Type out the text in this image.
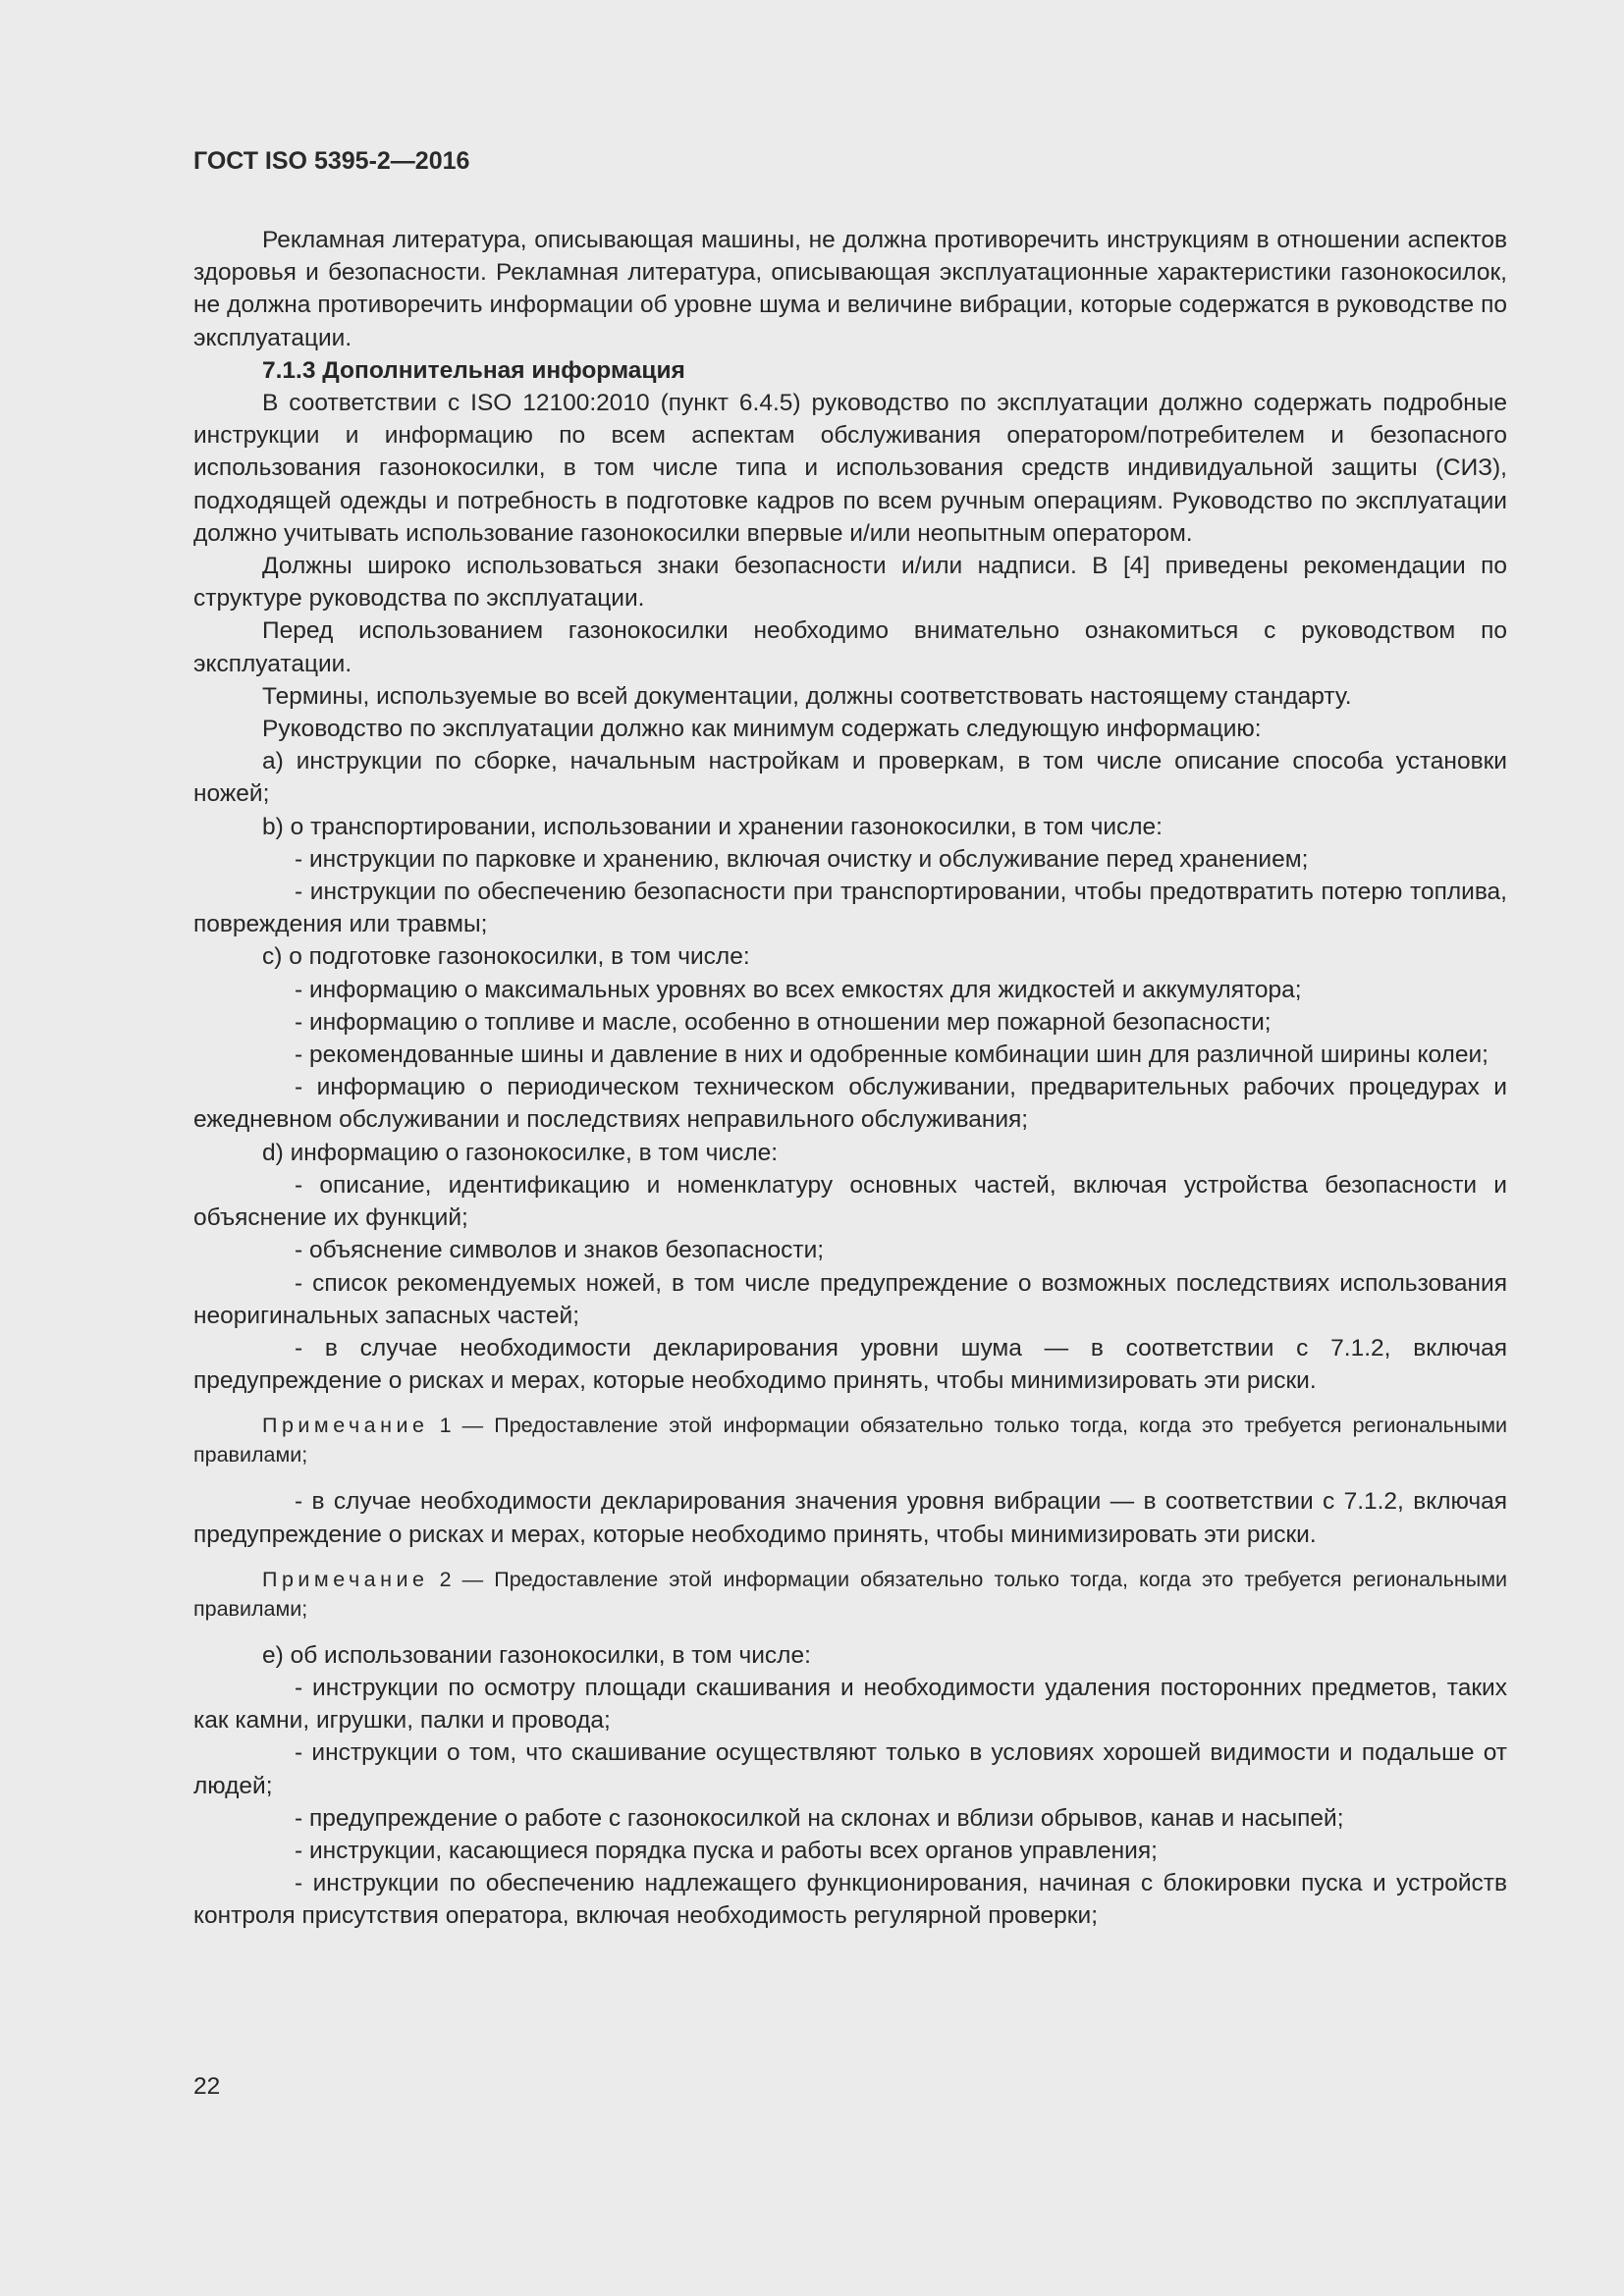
ГОСТ ISO 5395-2—2016

Рекламная литература, описывающая машины, не должна противоречить инструкциям в отношении аспектов здоровья и безопасности. Рекламная литература, описывающая эксплуатационные характеристики газонокосилок, не должна противоречить информации об уровне шума и величине вибрации, которые содержатся в руководстве по эксплуатации.

7.1.3 Дополнительная информация

В соответствии с ISO 12100:2010 (пункт 6.4.5) руководство по эксплуатации должно содержать подробные инструкции и информацию по всем аспектам обслуживания оператором/потребителем и безопасного использования газонокосилки, в том числе типа и использования средств индивидуальной защиты (СИЗ), подходящей одежды и потребность в подготовке кадров по всем ручным операциям. Руководство по эксплуатации должно учитывать использование газонокосилки впервые и/или неопытным оператором.

Должны широко использоваться знаки безопасности и/или надписи. В [4] приведены рекомендации по структуре руководства по эксплуатации.

Перед использованием газонокосилки необходимо внимательно ознакомиться с руководством по эксплуатации.

Термины, используемые во всей документации, должны соответствовать настоящему стандарту.

Руководство по эксплуатации должно как минимум содержать следующую информацию:

a) инструкции по сборке, начальным настройкам и проверкам, в том числе описание способа установки ножей;

b) о транспортировании, использовании и хранении газонокосилки, в том числе:

- инструкции по парковке и хранению, включая очистку и обслуживание перед хранением;

- инструкции по обеспечению безопасности при транспортировании, чтобы предотвратить потерю топлива, повреждения или травмы;

c) о подготовке газонокосилки, в том числе:

- информацию о максимальных уровнях во всех емкостях для жидкостей и аккумулятора;

- информацию о топливе и масле, особенно в отношении мер пожарной безопасности;

- рекомендованные шины и давление в них и одобренные комбинации шин для различной ширины колеи;

- информацию о периодическом техническом обслуживании, предварительных рабочих процедурах и ежедневном обслуживании и последствиях неправильного обслуживания;

d) информацию о газонокосилке, в том числе:

- описание, идентификацию и номенклатуру основных частей, включая устройства безопасности и объяснение их функций;

- объяснение символов и знаков безопасности;

- список рекомендуемых ножей, в том числе предупреждение о возможных последствиях использования неоригинальных запасных частей;

- в случае необходимости декларирования уровни шума — в соответствии с 7.1.2, включая предупреждение о рисках и мерах, которые необходимо принять, чтобы минимизировать эти риски.

Примечание 1 — Предоставление этой информации обязательно только тогда, когда это требуется региональными правилами;

- в случае необходимости декларирования значения уровня вибрации — в соответствии с 7.1.2, включая предупреждение о рисках и мерах, которые необходимо принять, чтобы минимизировать эти риски.

Примечание 2 — Предоставление этой информации обязательно только тогда, когда это требуется региональными правилами;

e) об использовании газонокосилки, в том числе:

- инструкции по осмотру площади скашивания и необходимости удаления посторонних предметов, таких как камни, игрушки, палки и провода;

- инструкции о том, что скашивание осуществляют только в условиях хорошей видимости и подальше от людей;

- предупреждение о работе с газонокосилкой на склонах и вблизи обрывов, канав и насыпей;

- инструкции, касающиеся порядка пуска и работы всех органов управления;

- инструкции по обеспечению надлежащего функционирования, начиная с блокировки пуска и устройств контроля присутствия оператора, включая необходимость регулярной проверки;

22
